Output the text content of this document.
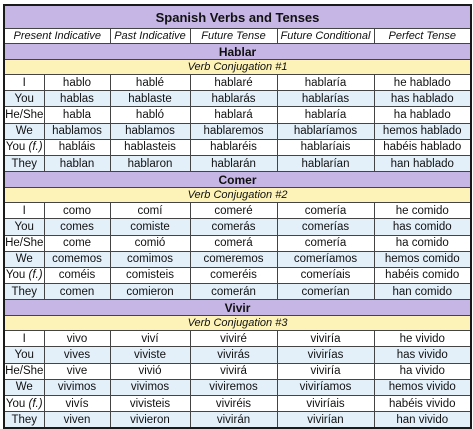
Spanish Verbs and Tenses					
Present Indicative		Past Indicative	Future Tense	Future Conditional	Perfect Tense
Hablar					
Verb Conjugation #1					
I	hablo	hablé	hablaré	hablaría	he hablado
You	hablas	hablaste	hablarás	hablarías	has hablado
He/She	habla	habló	hablará	hablaría	ha hablado
We	hablamos	hablamos	hablaremos	hablaríamos	hemos hablado
You (f.)	habláis	hablasteis	hablaréis	hablaríais	habéis hablado
They	hablan	hablaron	hablarán	hablarían	han hablado
Comer					
Verb Conjugation #2					
I	como	comí	comeré	comería	he comido
You	comes	comiste	comerás	comerías	has comido
He/She	come	comió	comerá	comería	ha comido
We	comemos	comimos	comeremos	comeríamos	hemos comido
You (f.)	coméis	comisteis	comeréis	comeríais	habéis comido
They	comen	comieron	comerán	comerían	han comido
Vivir					
Verb Conjugation #3					
I	vivo	viví	viviré	viviría	he vivido
You	vives	viviste	vivirás	vivirías	has vivido
He/She	vive	vivió	vivirá	viviría	ha vivido
We	vivimos	vivimos	viviremos	viviríamos	hemos vivido
You (f.)	vivís	vivisteis	viviréis	viviríais	habéis vivido
They	viven	vivieron	vivirán	vivirían	han vivido
